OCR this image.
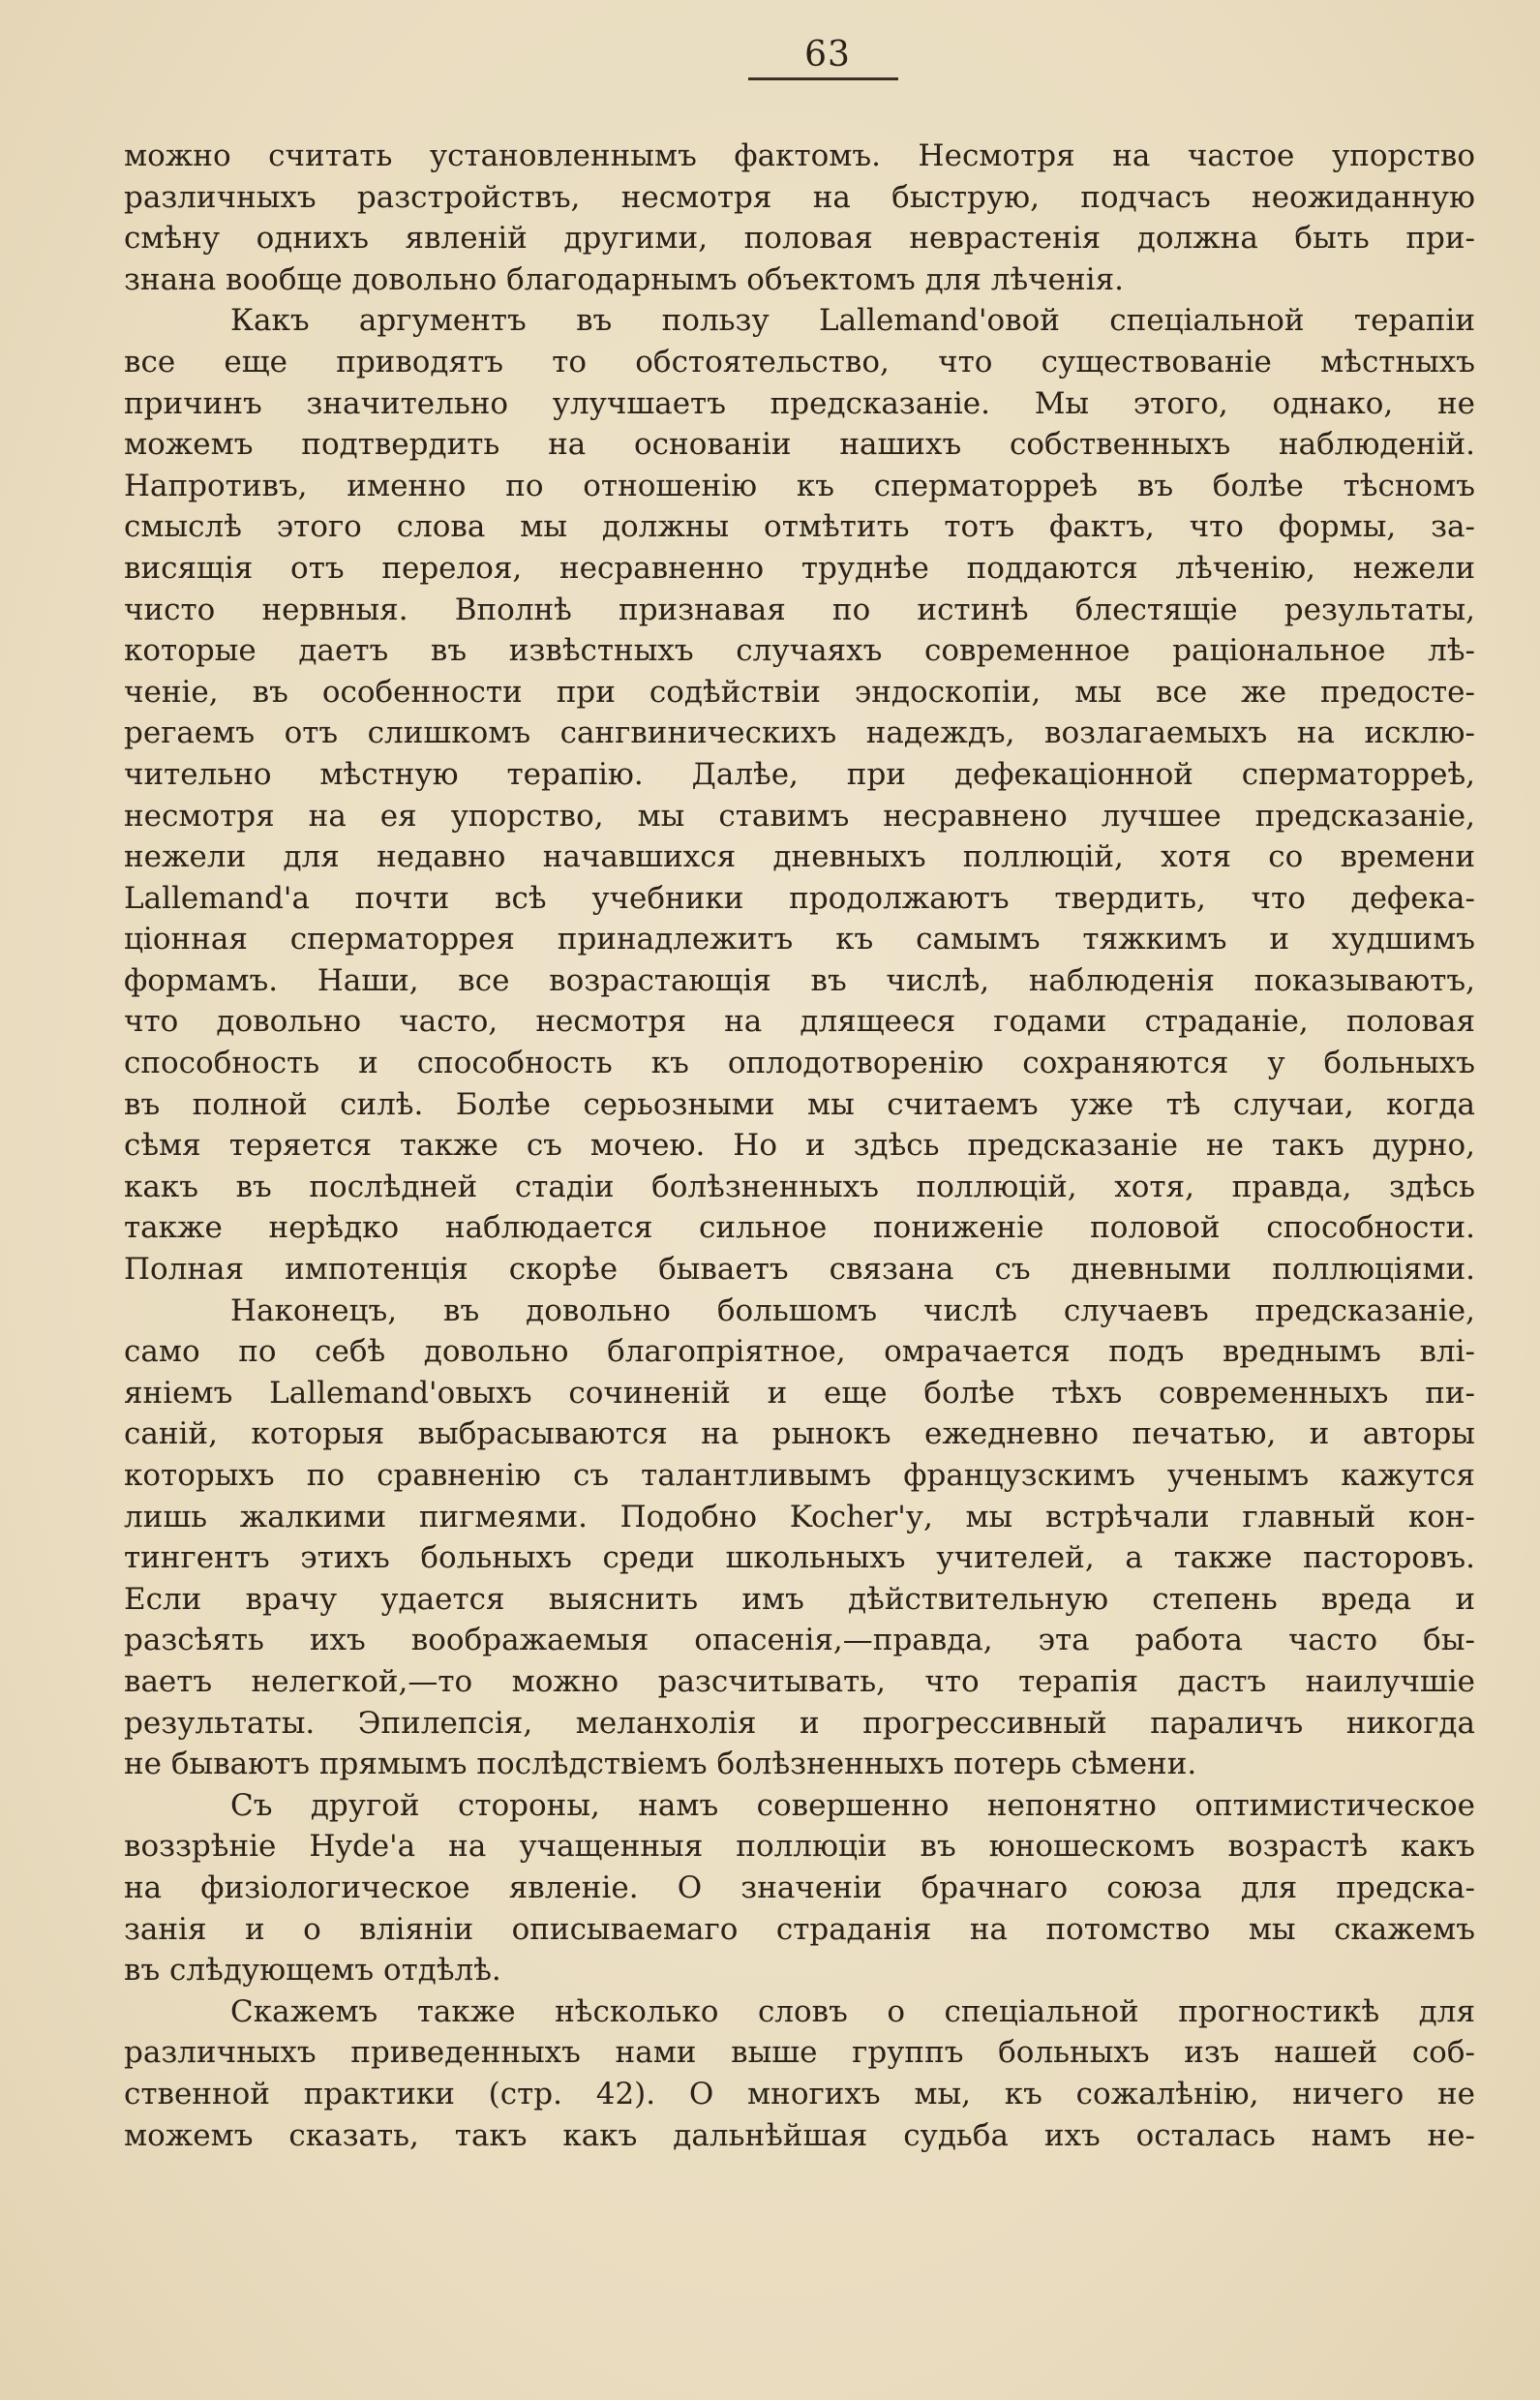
63
можно считать установленнымъ фактомъ. Несмотря на частое упорство
различныхъ разстройствъ, несмотря на быструю, подчасъ неожиданную
смѣну однихъ явленій другими, половая неврастенія должна быть при-
знана вообще довольно благодарнымъ объектомъ для лѣченія.
Какъ аргументъ въ пользу Lallemand'овой спеціальной терапіи
все еще приводятъ то обстоятельство, что существованіе мѣстныхъ
причинъ значительно улучшаетъ предсказаніе. Мы этого, однако, не
можемъ подтвердить на основаніи нашихъ собственныхъ наблюденій.
Напротивъ, именно по отношенію къ сперматорреѣ въ болѣе тѣсномъ
смыслѣ этого слова мы должны отмѣтить тотъ фактъ, что формы, за-
висящія отъ перелоя, несравненно труднѣе поддаются лѣченію, нежели
чисто нервныя. Вполнѣ признавая по истинѣ блестящіе результаты,
которые даетъ въ извѣстныхъ случаяхъ современное раціональное лѣ-
ченіе, въ особенности при содѣйствіи эндоскопіи, мы все же предосте-
регаемъ отъ слишкомъ сангвиническихъ надеждъ, возлагаемыхъ на исклю-
чительно мѣстную терапію. Далѣе, при дефекаціонной сперматорреѣ,
несмотря на ея упорство, мы ставимъ несравнено лучшее предсказаніе,
нежели для недавно начавшихся дневныхъ поллюцій, хотя со времени
Lallemand'a почти всѣ учебники продолжаютъ твердить, что дефека-
ціонная сперматоррея принадлежитъ къ самымъ тяжкимъ и худшимъ
формамъ. Наши, все возрастающія въ числѣ, наблюденія показываютъ,
что довольно часто, несмотря на длящееся годами страданіе, половая
способность и способность къ оплодотворенію сохраняются у больныхъ
въ полной силѣ. Болѣе серьозными мы считаемъ уже тѣ случаи, когда
сѣмя теряется также съ мочею. Но и здѣсь предсказаніе не такъ дурно,
какъ въ послѣдней стадіи болѣзненныхъ поллюцій, хотя, правда, здѣсь
также нерѣдко наблюдается сильное пониженіе половой способности.
Полная импотенція скорѣе бываетъ связана съ дневными поллюціями.
Наконецъ, въ довольно большомъ числѣ случаевъ предсказаніе,
само по себѣ довольно благопріятное, омрачается подъ вреднымъ влі-
яніемъ Lallemand'овыхъ сочиненій и еще болѣе тѣхъ современныхъ пи-
саній, которыя выбрасываются на рынокъ ежедневно печатью, и авторы
которыхъ по сравненію съ талантливымъ французскимъ ученымъ кажутся
лишь жалкими пигмеями. Подобно Kocher'у, мы встрѣчали главный кон-
тингентъ этихъ больныхъ среди школьныхъ учителей, а также пасторовъ.
Если врачу удается выяснить имъ дѣйствительную степень вреда и
разсѣять ихъ воображаемыя опасенія,—правда, эта работа часто бы-
ваетъ нелегкой,—то можно разсчитывать, что терапія дастъ наилучшіе
результаты. Эпилепсія, меланхолія и прогрессивный параличъ никогда
не бываютъ прямымъ послѣдствіемъ болѣзненныхъ потерь сѣмени.
Съ другой стороны, намъ совершенно непонятно оптимистическое
воззрѣніе Hyde'a на учащенныя поллюціи въ юношескомъ возрастѣ какъ
на физіологическое явленіе. О значеніи брачнаго союза для предска-
занія и о вліяніи описываемаго страданія на потомство мы скажемъ
въ слѣдующемъ отдѣлѣ.
Скажемъ также нѣсколько словъ о спеціальной прогностикѣ для
различныхъ приведенныхъ нами выше группъ больныхъ изъ нашей соб-
ственной практики (стр. 42). О многихъ мы, къ сожалѣнію, ничего не
можемъ сказать, такъ какъ дальнѣйшая судьба ихъ осталась намъ не-
